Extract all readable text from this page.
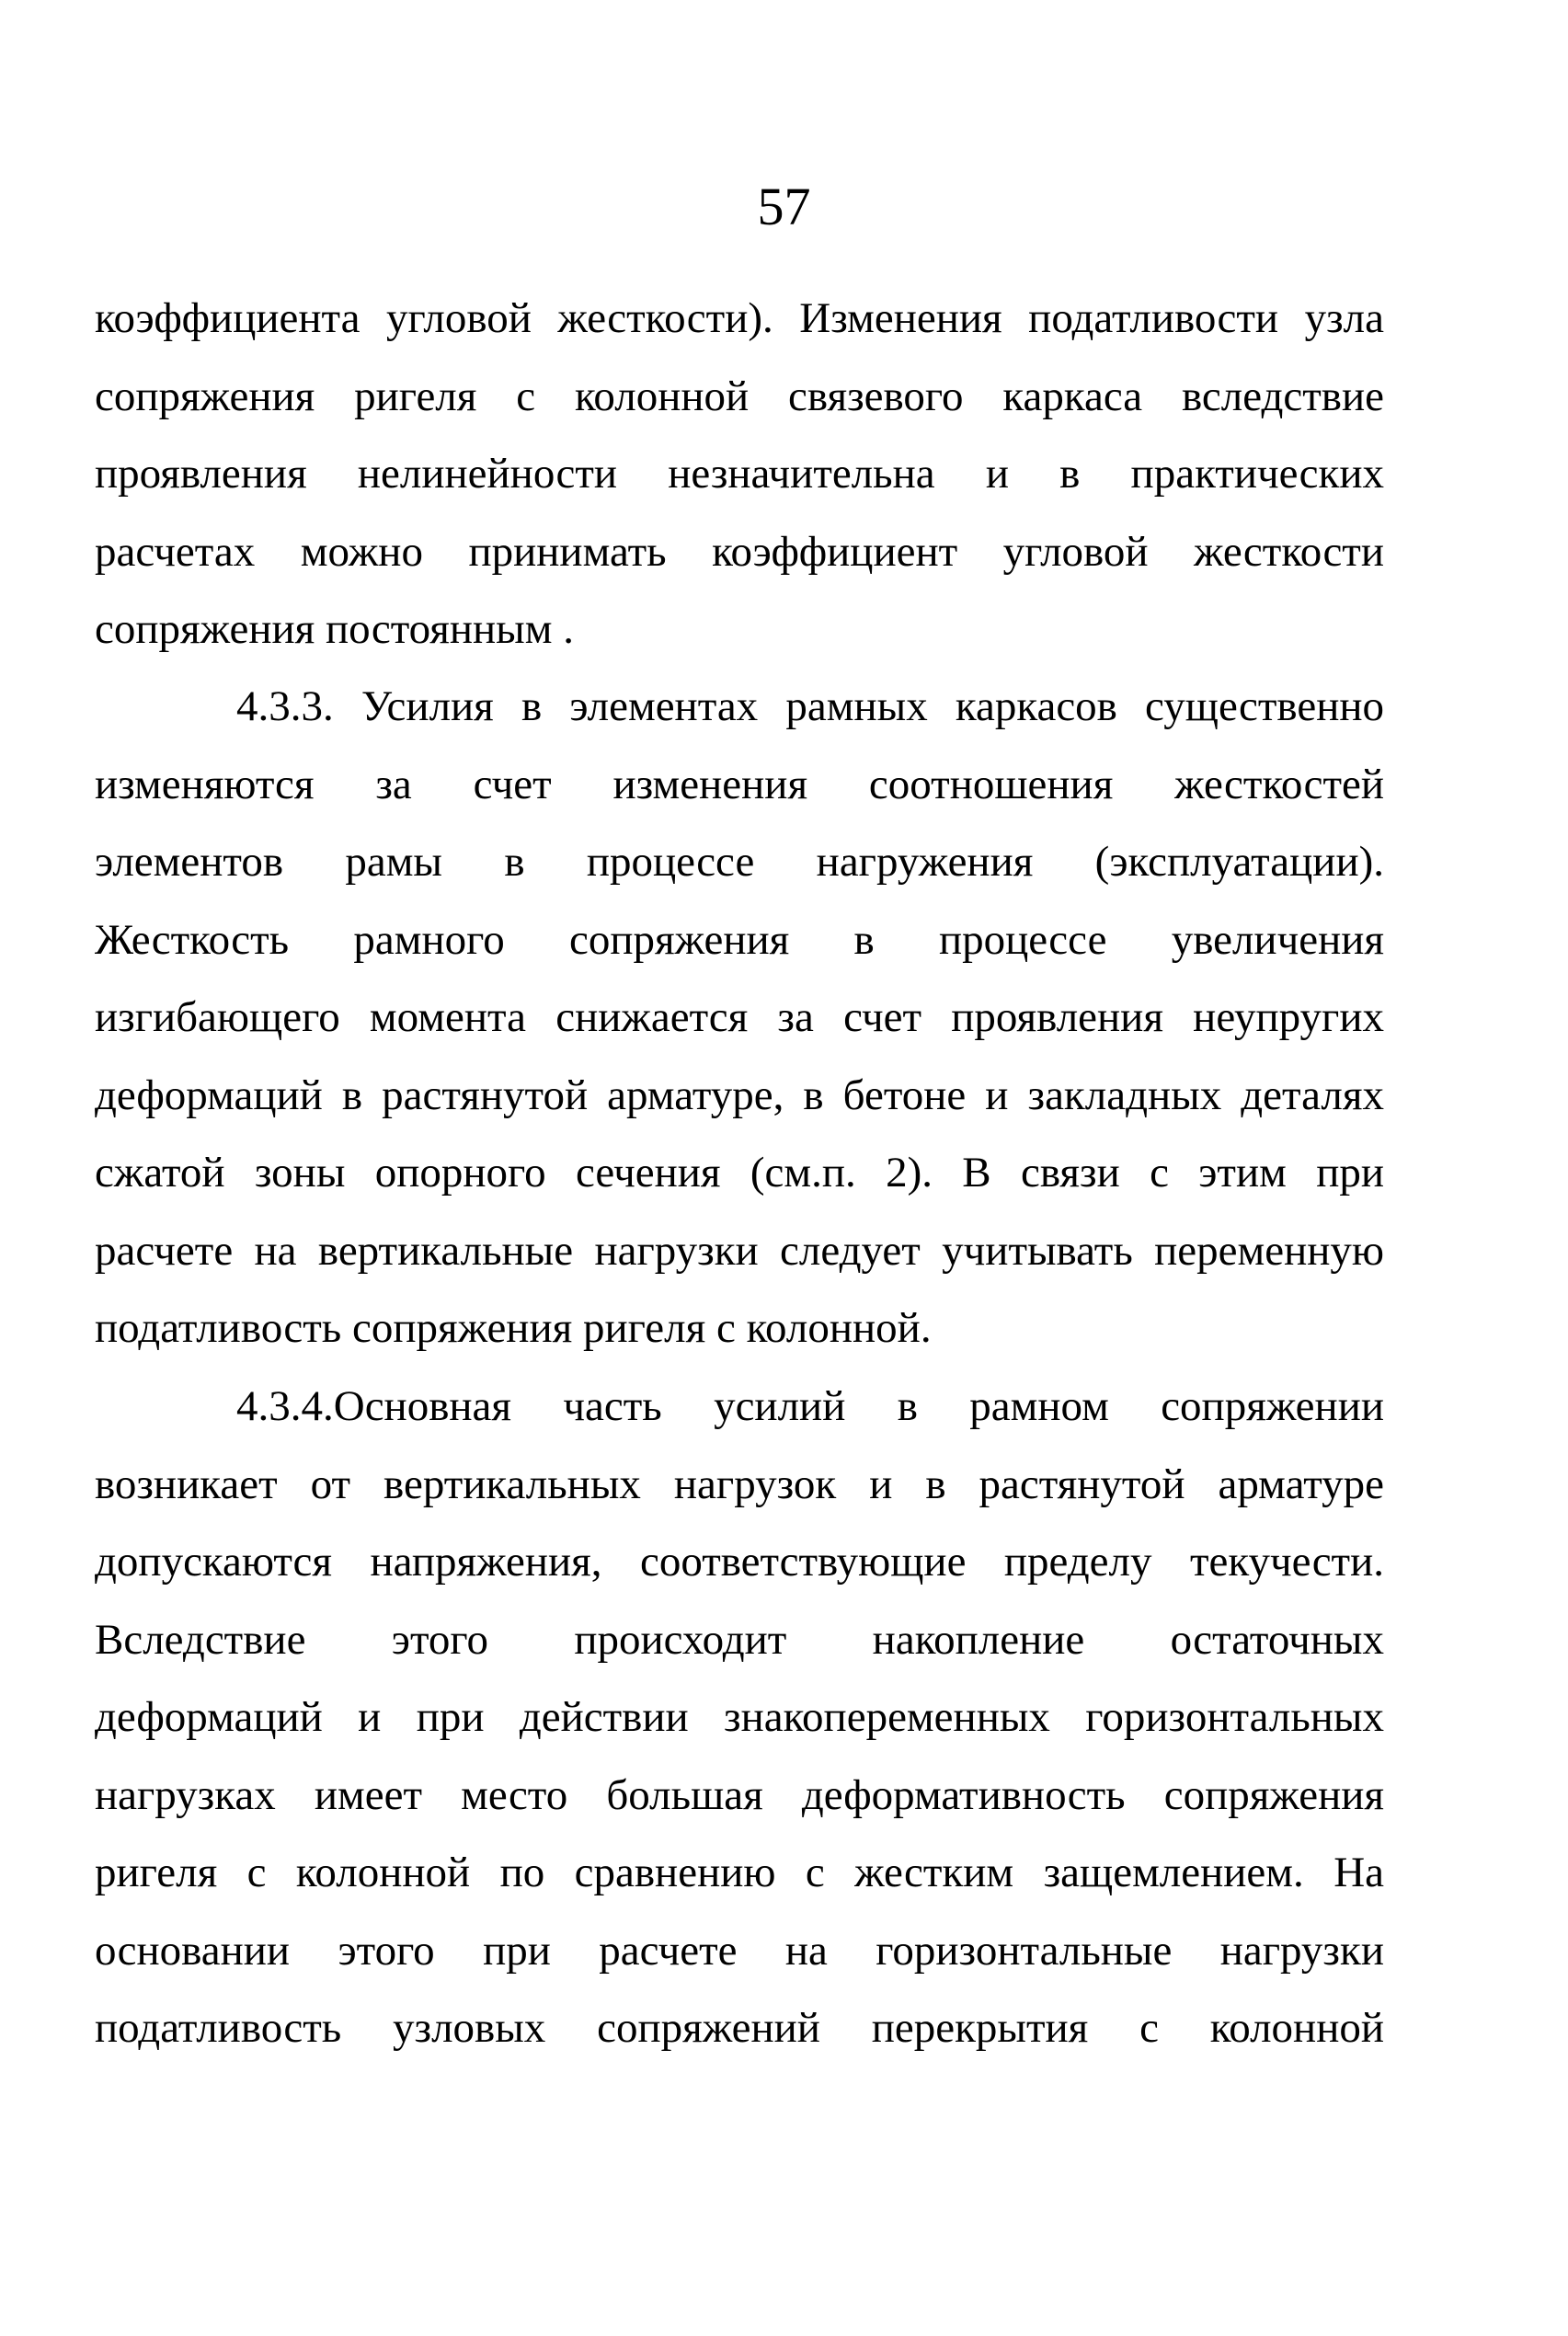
57
коэффициента угловой жесткости). Изменения податливости узла
сопряжения ригеля с колонной связевого каркаса вследствие
проявления нелинейности незначительна и в практических
расчетах можно принимать коэффициент угловой жесткости
сопряжения постоянным .
4.3.3. Усилия в элементах рамных каркасов существенно
изменяются за счет изменения соотношения жесткостей
элементов рамы в процессе нагружения (эксплуатации).
Жесткость рамного сопряжения в процессе увеличения
изгибающего момента снижается за счет проявления неупругих
деформаций в растянутой арматуре, в бетоне и закладных деталях
сжатой зоны опорного сечения (см.п. 2). В связи с этим при
расчете на вертикальные нагрузки следует учитывать переменную
податливость сопряжения ригеля с колонной.
4.3.4.Основная часть усилий в рамном сопряжении
возникает от вертикальных нагрузок и в растянутой арматуре
допускаются напряжения, соответствующие пределу текучести.
Вследствие этого происходит накопление остаточных
деформаций и при действии знакопеременных горизонтальных
нагрузках имеет место большая деформативность сопряжения
ригеля с колонной по сравнению с жестким защемлением. На
основании этого при расчете на горизонтальные нагрузки
податливость узловых сопряжений перекрытия с колонной
